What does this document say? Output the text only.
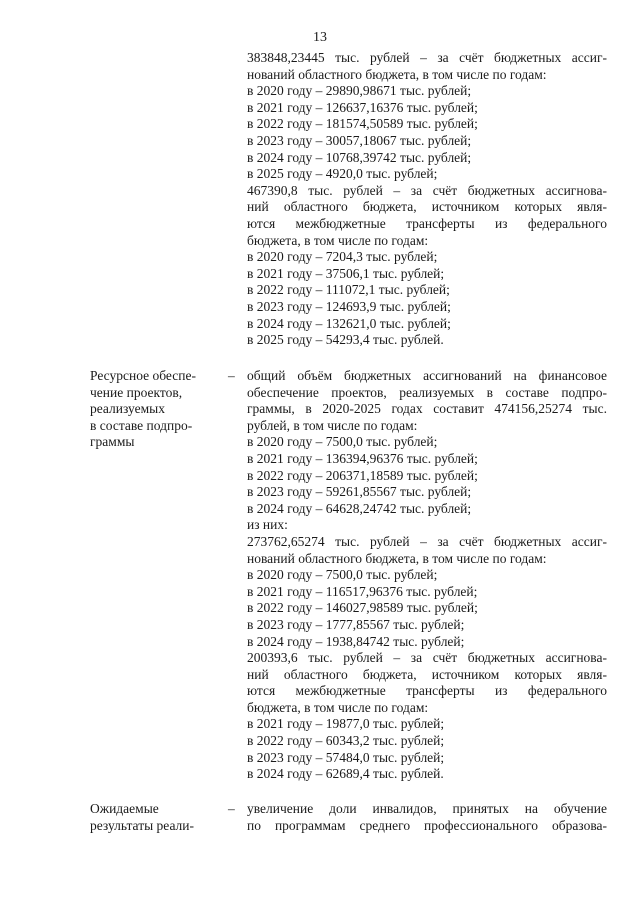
13
383848,23445 тыс. рублей – за счёт бюджетных ассиг-
нований областного бюджета, в том числе по годам:
в 2020 году – 29890,98671 тыс. рублей;
в 2021 году – 126637,16376 тыс. рублей;
в 2022 году – 181574,50589 тыс. рублей;
в 2023 году – 30057,18067 тыс. рублей;
в 2024 году – 10768,39742 тыс. рублей;
в 2025 году – 4920,0 тыс. рублей;
467390,8 тыс. рублей – за счёт бюджетных ассигнова-
ний областного бюджета, источником которых явля-
ются межбюджетные трансферты из федерального
бюджета, в том числе по годам:
в 2020 году – 7204,3 тыс. рублей;
в 2021 году – 37506,1 тыс. рублей;
в 2022 году – 111072,1 тыс. рублей;
в 2023 году – 124693,9 тыс. рублей;
в 2024 году – 132621,0 тыс. рублей;
в 2025 году – 54293,4 тыс. рублей.
Ресурсное обеспе-
чение проектов,
реализуемых
в составе подпро-
граммы
– общий объём бюджетных ассигнований на финансовое
обеспечение проектов, реализуемых в составе подпро-
граммы, в 2020-2025 годах составит 474156,25274 тыс.
рублей, в том числе по годам:
в 2020 году – 7500,0 тыс. рублей;
в 2021 году – 136394,96376 тыс. рублей;
в 2022 году – 206371,18589 тыс. рублей;
в 2023 году – 59261,85567 тыс. рублей;
в 2024 году – 64628,24742 тыс. рублей;
из них:
273762,65274 тыс. рублей – за счёт бюджетных ассиг-
нований областного бюджета, в том числе по годам:
в 2020 году – 7500,0 тыс. рублей;
в 2021 году – 116517,96376 тыс. рублей;
в 2022 году – 146027,98589 тыс. рублей;
в 2023 году – 1777,85567 тыс. рублей;
в 2024 году – 1938,84742 тыс. рублей;
200393,6 тыс. рублей – за счёт бюджетных ассигнова-
ний областного бюджета, источником которых явля-
ются межбюджетные трансферты из федерального
бюджета, в том числе по годам:
в 2021 году – 19877,0 тыс. рублей;
в 2022 году – 60343,2 тыс. рублей;
в 2023 году – 57484,0 тыс. рублей;
в 2024 году – 62689,4 тыс. рублей.
Ожидаемые
результаты реали-
– увеличение доли инвалидов, принятых на обучение
по программам среднего профессионального образова-
